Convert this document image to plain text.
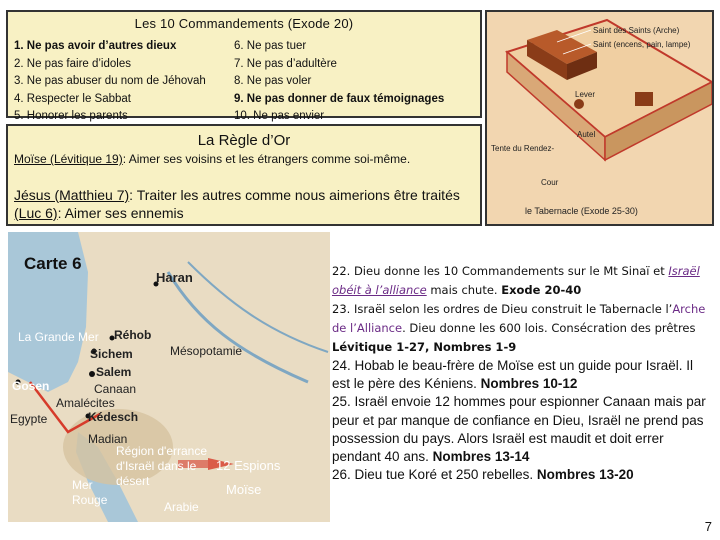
Les 10 Commandements (Exode 20)
1. Ne pas avoir d’autres dieux
2. Ne pas faire d’idoles
3. Ne pas abuser du nom de Jéhovah
4. Respecter le Sabbat
5. Honorer les parents
6. Ne pas tuer
7. Ne pas d’adultère
8. Ne pas voler
9. Ne pas donner de faux témoignages
10. Ne pas envier
La Règle d’Or
Moïse (Lévitique 19): Aimer ses voisins et les étrangers comme soi-même.
Jésus (Matthieu 7): Traiter les autres comme nous aimerions être traités (Luc 6): Aimer ses ennemis
Saint des Saints (Arche)
Saint (encens, pain, lampe)
Lever
Autel
Tente du Rendez-
Cour
le Tabernacle (Exode 25-30)
Carte 6
Haran
La Grande Mer Réhob
Sichem	Mésopotamie
Salem
Canaan
Gosen
Amalécites
Egypte	Kédesch
Madian
Région d'errance d'Israël dans le désert
12 Espions
Moïse
Mer Rouge	Arabie

22. Dieu donne les 10 Commandements sur le Mt Sinaï et Israël obéit à l’alliance mais chute. Exode 20-40

23. Israël selon les ordres de Dieu construit le Tabernacle l’Arche de l’Alliance. Dieu donne les 600 lois. Consécration des prêtres Lévitique 1-27, Nombres 1-9

24. Hobab le beau-frère de Moïse est un guide pour Israël. Il est le père des Kéniens. Nombres 10-12

25. Israël envoie 12 hommes pour espionner Canaan mais par peur et par manque de confiance en Dieu, Israël ne prend pas possession du pays. Alors Israël est maudit et doit errer pendant 40 ans. Nombres 13-14

26. Dieu tue Koré et 250 rebelles. Nombres 13-20

7
